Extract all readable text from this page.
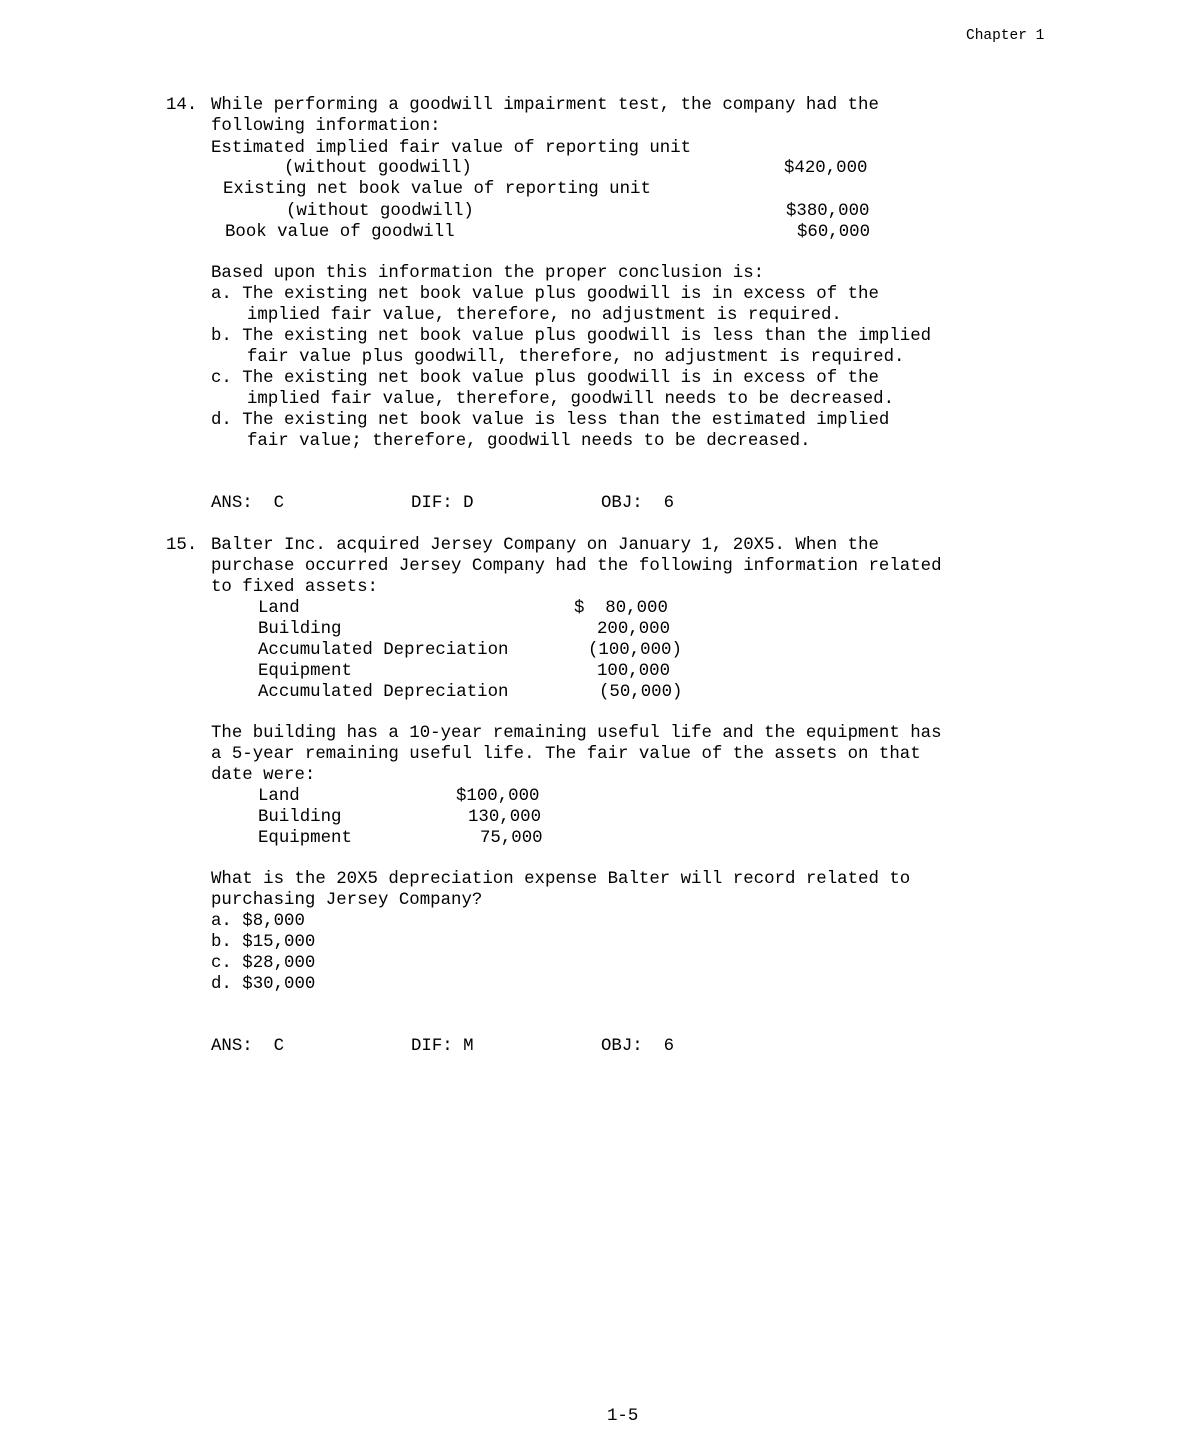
Chapter 1
14. While performing a goodwill impairment test, the company had the
following information:
Estimated implied fair value of reporting unit
(without goodwill)	$420,000
Existing net book value of reporting unit
(without goodwill)	$380,000
Book value of goodwill	$60,000
Based upon this information the proper conclusion is:
a. The existing net book value plus goodwill is in excess of the
implied fair value, therefore, no adjustment is required.
b. The existing net book value plus goodwill is less than the implied
fair value plus goodwill, therefore, no adjustment is required.
c. The existing net book value plus goodwill is in excess of the
implied fair value, therefore, goodwill needs to be decreased.
d. The existing net book value is less than the estimated implied
fair value; therefore, goodwill needs to be decreased.
ANS:  C	DIF: D	OBJ:  6
15. Balter Inc. acquired Jersey Company on January 1, 20X5. When the
purchase occurred Jersey Company had the following information related
to fixed assets:
Land	$  80,000
Building	200,000
Accumulated Depreciation	(100,000)
Equipment	100,000
Accumulated Depreciation	(50,000)
The building has a 10-year remaining useful life and the equipment has
a 5-year remaining useful life. The fair value of the assets on that
date were:
Land	$100,000
Building	130,000
Equipment	75,000
What is the 20X5 depreciation expense Balter will record related to
purchasing Jersey Company?
a. $8,000
b. $15,000
c. $28,000
d. $30,000
ANS:  C	DIF: M	OBJ:  6
1-5
